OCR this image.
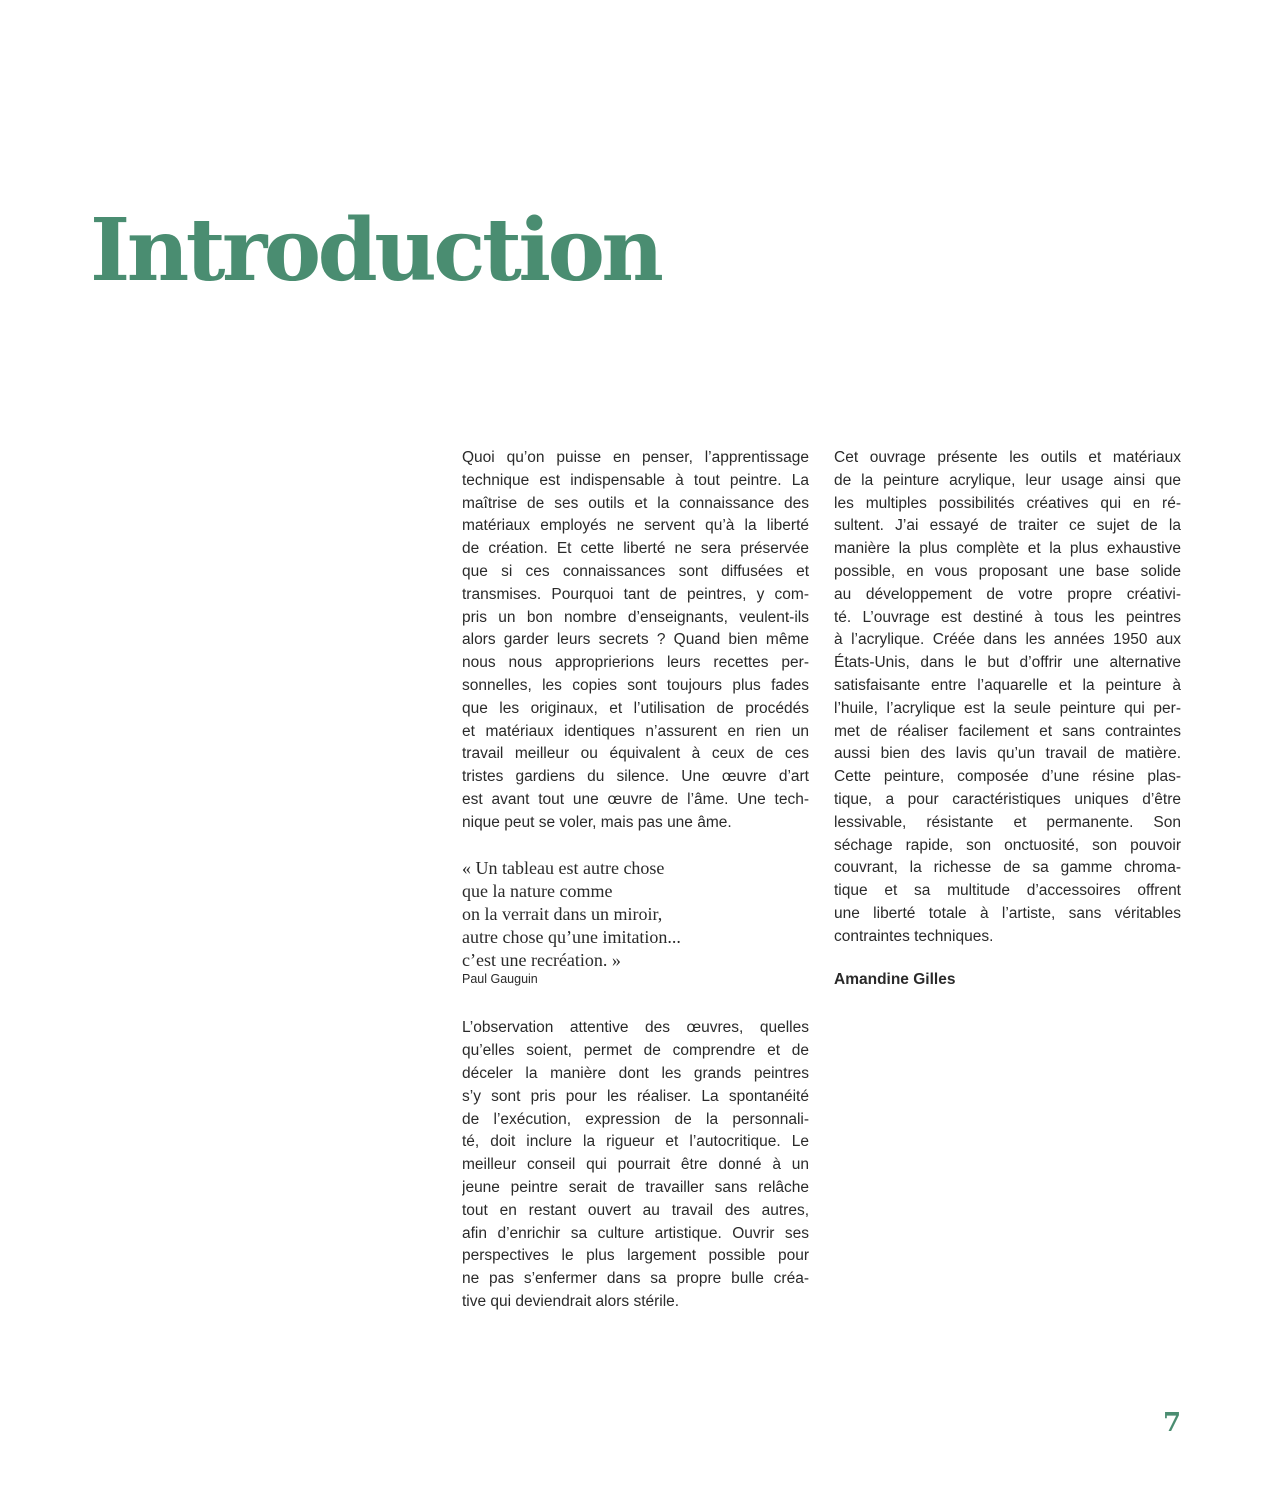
Introduction
Quoi qu’on puisse en penser, l’apprentissage
technique est indispensable à tout peintre. La
maîtrise de ses outils et la connaissance des
matériaux employés ne servent qu’à la liberté
de création. Et cette liberté ne sera préservée
que si ces connaissances sont diffusées et
transmises. Pourquoi tant de peintres, y com-
pris un bon nombre d’enseignants, veulent-ils
alors garder leurs secrets ? Quand bien même
nous nous approprierions leurs recettes per-
sonnelles, les copies sont toujours plus fades
que les originaux, et l’utilisation de procédés
et matériaux identiques n’assurent en rien un
travail meilleur ou équivalent à ceux de ces
tristes gardiens du silence. Une œuvre d’art
est avant tout une œuvre de l’âme. Une tech-
nique peut se voler, mais pas une âme.
« Un tableau est autre chose
que la nature comme
on la verrait dans un miroir,
autre chose qu’une imitation...
c’est une recréation. »
Paul Gauguin
L’observation attentive des œuvres, quelles
qu’elles soient, permet de comprendre et de
déceler la manière dont les grands peintres
s’y sont pris pour les réaliser. La spontanéité
de l’exécution, expression de la personnali-
té, doit inclure la rigueur et l’autocritique. Le
meilleur conseil qui pourrait être donné à un
jeune peintre serait de travailler sans relâche
tout en restant ouvert au travail des autres,
afin d’enrichir sa culture artistique. Ouvrir ses
perspectives le plus largement possible pour
ne pas s’enfermer dans sa propre bulle créa-
tive qui deviendrait alors stérile.
Cet ouvrage présente les outils et matériaux
de la peinture acrylique, leur usage ainsi que
les multiples possibilités créatives qui en ré-
sultent. J’ai essayé de traiter ce sujet de la
manière la plus complète et la plus exhaustive
possible, en vous proposant une base solide
au développement de votre propre créativi-
té. L’ouvrage est destiné à tous les peintres
à l’acrylique. Créée dans les années 1950 aux
États-Unis, dans le but d’offrir une alternative
satisfaisante entre l’aquarelle et la peinture à
l’huile, l’acrylique est la seule peinture qui per-
met de réaliser facilement et sans contraintes
aussi bien des lavis qu’un travail de matière.
Cette peinture, composée d’une résine plas-
tique, a pour caractéristiques uniques d’être
lessivable, résistante et permanente. Son
séchage rapide, son onctuosité, son pouvoir
couvrant, la richesse de sa gamme chroma-
tique et sa multitude d’accessoires offrent
une liberté totale à l’artiste, sans véritables
contraintes techniques.
Amandine Gilles
7
